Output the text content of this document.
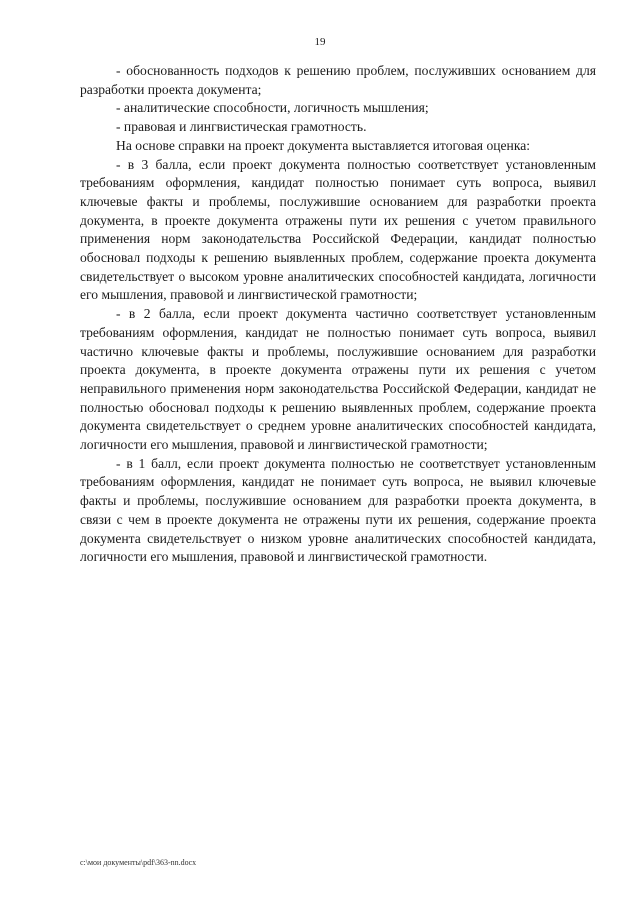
19

- обоснованность подходов к решению проблем, послуживших основанием для разработки проекта документа;

- аналитические способности, логичность мышления;

- правовая и лингвистическая грамотность.

На основе справки на проект документа выставляется итоговая оценка:

- в 3 балла, если проект документа полностью соответствует установленным требованиям оформления, кандидат полностью понимает суть вопроса, выявил ключевые факты и проблемы, послужившие основанием для разработки проекта документа, в проекте документа отражены пути их решения с учетом правильного применения норм законодательства Российской Федерации, кандидат полностью обосновал подходы к решению выявленных проблем, содержание проекта документа свидетельствует о высоком уровне аналитических способностей кандидата, логичности его мышления, правовой и лингвистической грамотности;

- в 2 балла, если проект документа частично соответствует установленным требованиям оформления, кандидат не полностью понимает суть вопроса, выявил частично ключевые факты и проблемы, послужившие основанием для разработки проекта документа, в проекте документа отражены пути их решения с учетом неправильного применения норм законодательства Российской Федерации, кандидат не полностью обосновал подходы к решению выявленных проблем, содержание проекта документа свидетельствует о среднем уровне аналитических способностей кандидата, логичности его мышления, правовой и лингвистической грамотности;

- в 1 балл, если проект документа полностью не соответствует установленным требованиям оформления, кандидат не понимает суть вопроса, не выявил ключевые факты и проблемы, послужившие основанием для разработки проекта документа, в связи с чем в проекте документа не отражены пути их решения, содержание проекта документа свидетельствует о низком уровне аналитических способностей кандидата, логичности его мышления, правовой и лингвистической грамотности.

c:\мои документы\pdf\363-nn.docx
